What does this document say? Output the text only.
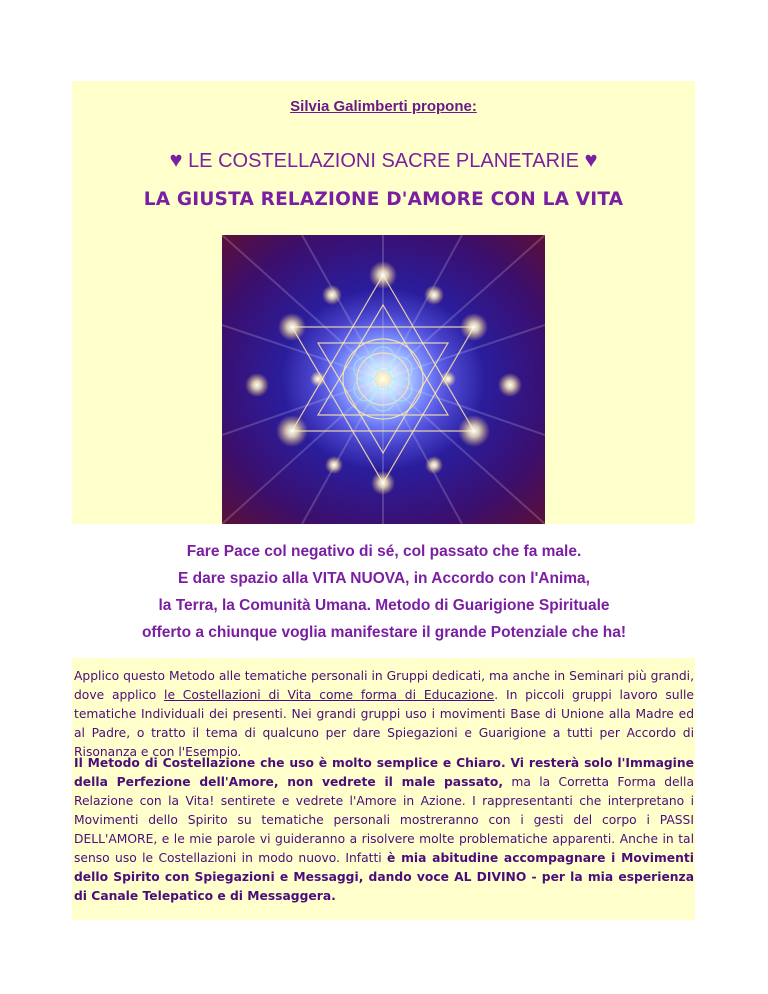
Silvia Galimberti propone:
♥ LE COSTELLAZIONI SACRE PLANETARIE ♥
LA GIUSTA RELAZIONE D'AMORE CON LA VITA
Fare Pace col negativo di sé, col passato che fa male.
E dare spazio alla VITA NUOVA, in Accordo con l'Anima,
la Terra, la Comunità Umana. Metodo di Guarigione Spirituale
offerto a chiunque voglia manifestare il grande Potenziale che ha!
Applico questo Metodo alle tematiche personali in Gruppi dedicati, ma anche in Seminari più grandi, dove applico le Costellazioni di Vita come forma di Educazione. In piccoli gruppi lavoro sulle tematiche Individuali dei presenti. Nei grandi gruppi uso i movimenti Base di Unione alla Madre ed al Padre, o tratto il tema di qualcuno per dare Spiegazioni e Guarigione a tutti per Accordo di Risonanza e con l'Esempio.
Il Metodo di Costellazione che uso è molto semplice e Chiaro. Vi resterà solo l'Immagine della Perfezione dell'Amore, non vedrete il male passato, ma la Corretta Forma della Relazione con la Vita! sentirete e vedrete l'Amore in Azione. I rappresentanti che interpretano i Movimenti dello Spirito su tematiche personali mostreranno con i gesti del corpo i PASSI DELL'AMORE, e le mie parole vi guideranno a risolvere molte problematiche apparenti. Anche in tal senso uso le Costellazioni in modo nuovo. Infatti è mia abitudine accompagnare i Movimenti dello Spirito con Spiegazioni e Messaggi, dando voce AL DIVINO - per la mia esperienza di Canale Telepatico e di Messaggera.
